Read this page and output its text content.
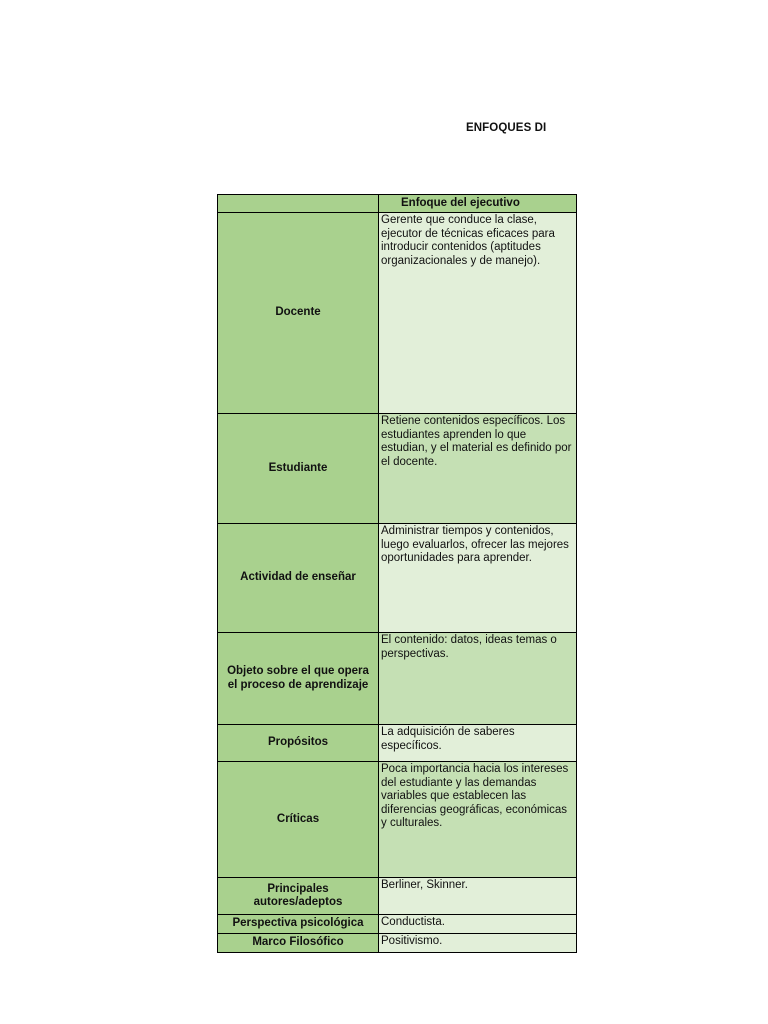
ENFOQUES DI
	Enfoque del ejecutivo
Docente	Gerente que conduce la clase, ejecutor de técnicas eficaces para introducir contenidos (aptitudes organizacionales y de manejo).
Estudiante	Retiene contenidos específicos. Los estudiantes aprenden lo que estudian, y el material es definido por el docente.
Actividad de enseñar	Administrar tiempos y contenidos, luego evaluarlos, ofrecer las mejores oportunidades para aprender.
Objeto sobre el que opera el proceso de aprendizaje	El contenido: datos, ideas temas o perspectivas.
Propósitos	La adquisición de saberes específicos.
Críticas	Poca importancia hacia los intereses del estudiante y las demandas variables que establecen las diferencias geográficas, económicas y culturales.
Principales autores/adeptos	Berliner, Skinner.
Perspectiva psicológica	Conductista.
Marco Filosófico	Positivismo.
